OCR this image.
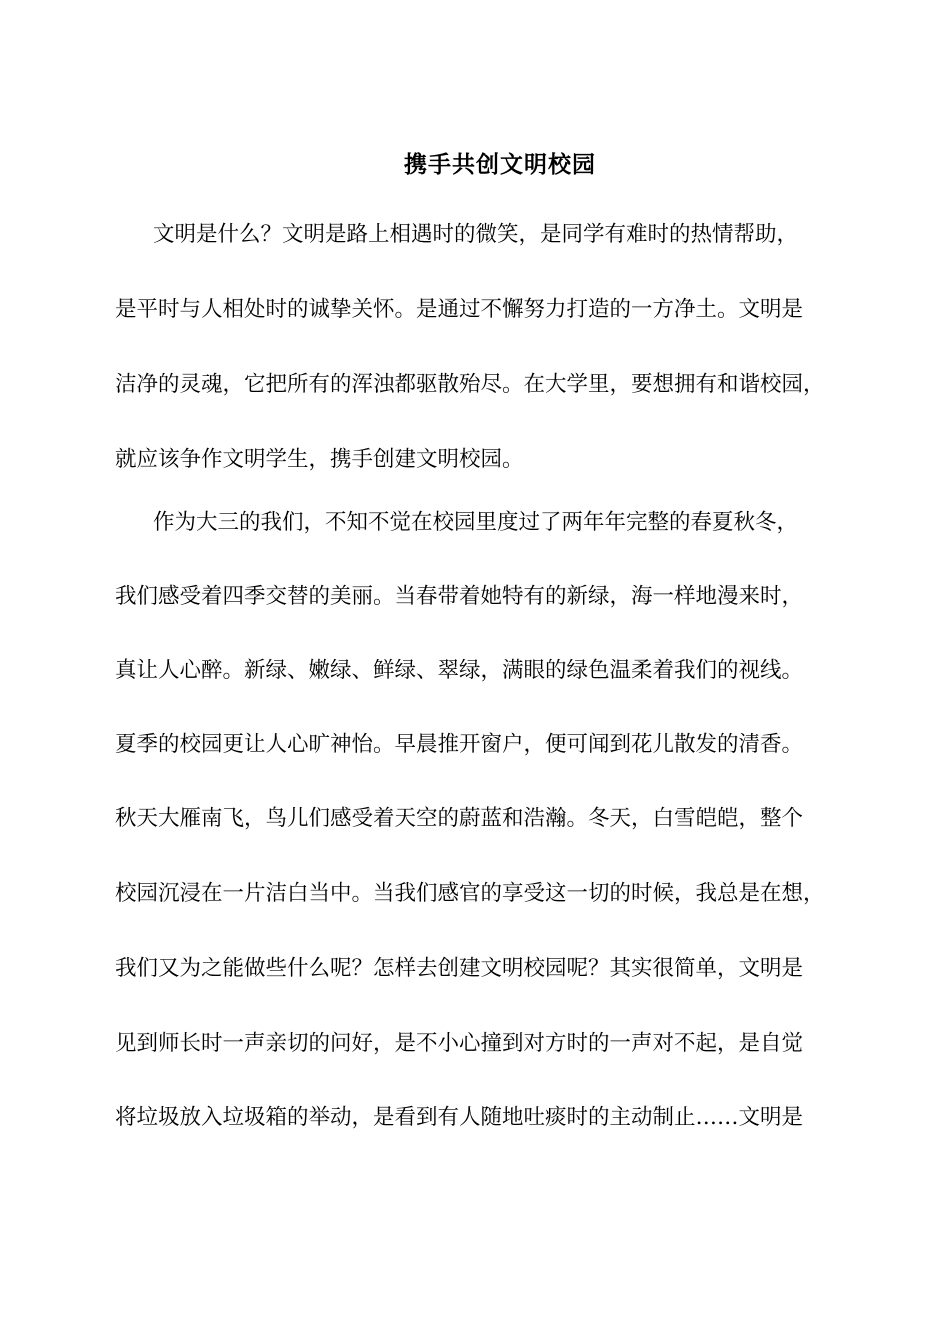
携手共创文明校园
文明是什么？文明是路上相遇时的微笑，是同学有难时的热情帮助，
是平时与人相处时的诚挚关怀。是通过不懈努力打造的一方净土。文明是
洁净的灵魂，它把所有的浑浊都驱散殆尽。在大学里，要想拥有和谐校园，
就应该争作文明学生，携手创建文明校园。
作为大三的我们，不知不觉在校园里度过了两年年完整的春夏秋冬，
我们感受着四季交替的美丽。当春带着她特有的新绿，海一样地漫来时，
真让人心醉。新绿、嫩绿、鲜绿、翠绿，满眼的绿色温柔着我们的视线。
夏季的校园更让人心旷神怡。早晨推开窗户，便可闻到花儿散发的清香。
秋天大雁南飞，鸟儿们感受着天空的蔚蓝和浩瀚。冬天，白雪皑皑，整个
校园沉浸在一片洁白当中。当我们感官的享受这一切的时候，我总是在想，
我们又为之能做些什么呢？怎样去创建文明校园呢？其实很简单，文明是
见到师长时一声亲切的问好，是不小心撞到对方时的一声对不起，是自觉
将垃圾放入垃圾箱的举动，是看到有人随地吐痰时的主动制止……文明是
